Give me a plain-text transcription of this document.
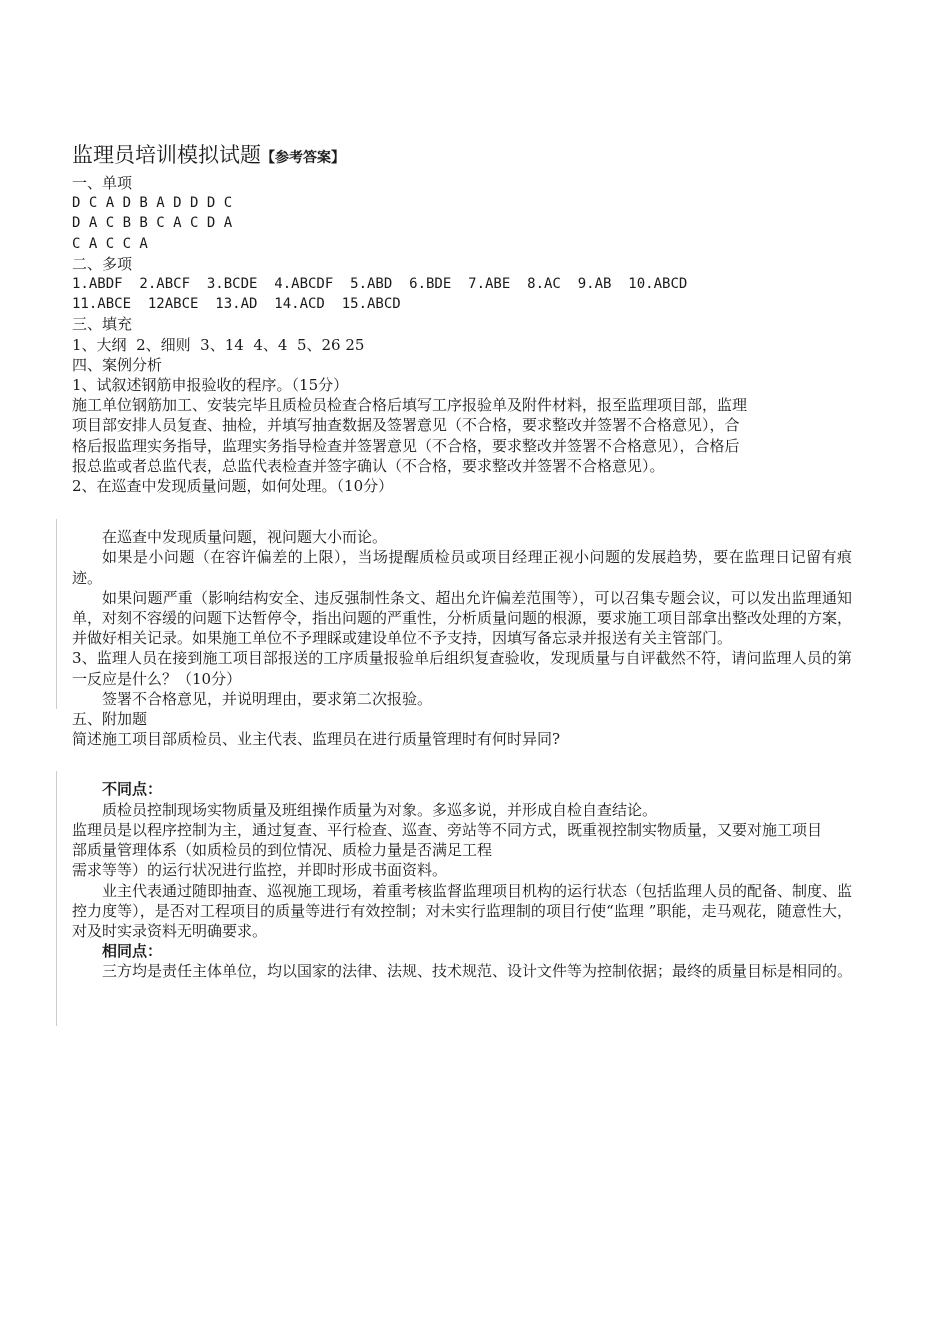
监理员培训模拟试题【参考答案】
一、单项
D C A D B A D D D C
D A C B B C A C D A
C A C C A
二、多项
1.ABDF  2.ABCF  3.BCDE  4.ABCDF  5.ABD  6.BDE  7.ABE  8.AC  9.AB  10.ABCD
11.ABCE  12ABCE  13.AD  14.ACD  15.ABCD
三、填充
1、大纲  2、细则  3、14  4、4  5、26 25
四、案例分析
1、试叙述钢筋申报验收的程序。（15分）
施工单位钢筋加工、安装完毕且质检员检查合格后填写工序报验单及附件材料，报至监理项目部，监理
项目部安排人员复查、抽检，并填写抽查数据及签署意见（不合格，要求整改并签署不合格意见），合
格后报监理实务指导，监理实务指导检查并签署意见（不合格，要求整改并签署不合格意见），合格后
报总监或者总监代表，总监代表检查并签字确认（不合格，要求整改并签署不合格意见）。
2、在巡查中发现质量问题，如何处理。（10分）
在巡查中发现质量问题，视问题大小而论。
如果是小问题（在容许偏差的上限），当场提醒质检员或项目经理正视小问题的发展趋势，要在监理日记留有痕迹。
如果问题严重（影响结构安全、违反强制性条文、超出允许偏差范围等），可以召集专题会议，可以发出监理通知单，对刻不容缓的问题下达暂停令，指出问题的严重性，分析质量问题的根源，要求施工项目部拿出整改处理的方案，并做好相关记录。如果施工单位不予理睬或建设单位不予支持，因填写备忘录并报送有关主管部门。
3、监理人员在接到施工项目部报送的工序质量报验单后组织复查验收，发现质量与自评截然不符，请问监理人员的第一反应是什么？（10分）
签署不合格意见，并说明理由，要求第二次报验。
五、附加题
简述施工项目部质检员、业主代表、监理员在进行质量管理时有何时异同?
不同点：
质检员控制现场实物质量及班组操作质量为对象。多巡多说，并形成自检自查结论。
监理员是以程序控制为主，通过复查、平行检查、巡查、旁站等不同方式，既重视控制实物质量，又要对施工项目部质量管理体系（如质检员的到位情况、质检力量是否满足工程
需求等等）的运行状况进行监控，并即时形成书面资料。
业主代表通过随即抽查、巡视施工现场，着重考核监督监理项目机构的运行状态（包括监理人员的配备、制度、监控力度等），是否对工程项目的质量等进行有效控制；对未实行监理制的项目行使“监理 ”职能，走马观花，随意性大，对及时实录资料无明确要求。
相同点：
三方均是责任主体单位，均以国家的法律、法规、技术规范、设计文件等为控制依据；最终的质量目标是相同的。
